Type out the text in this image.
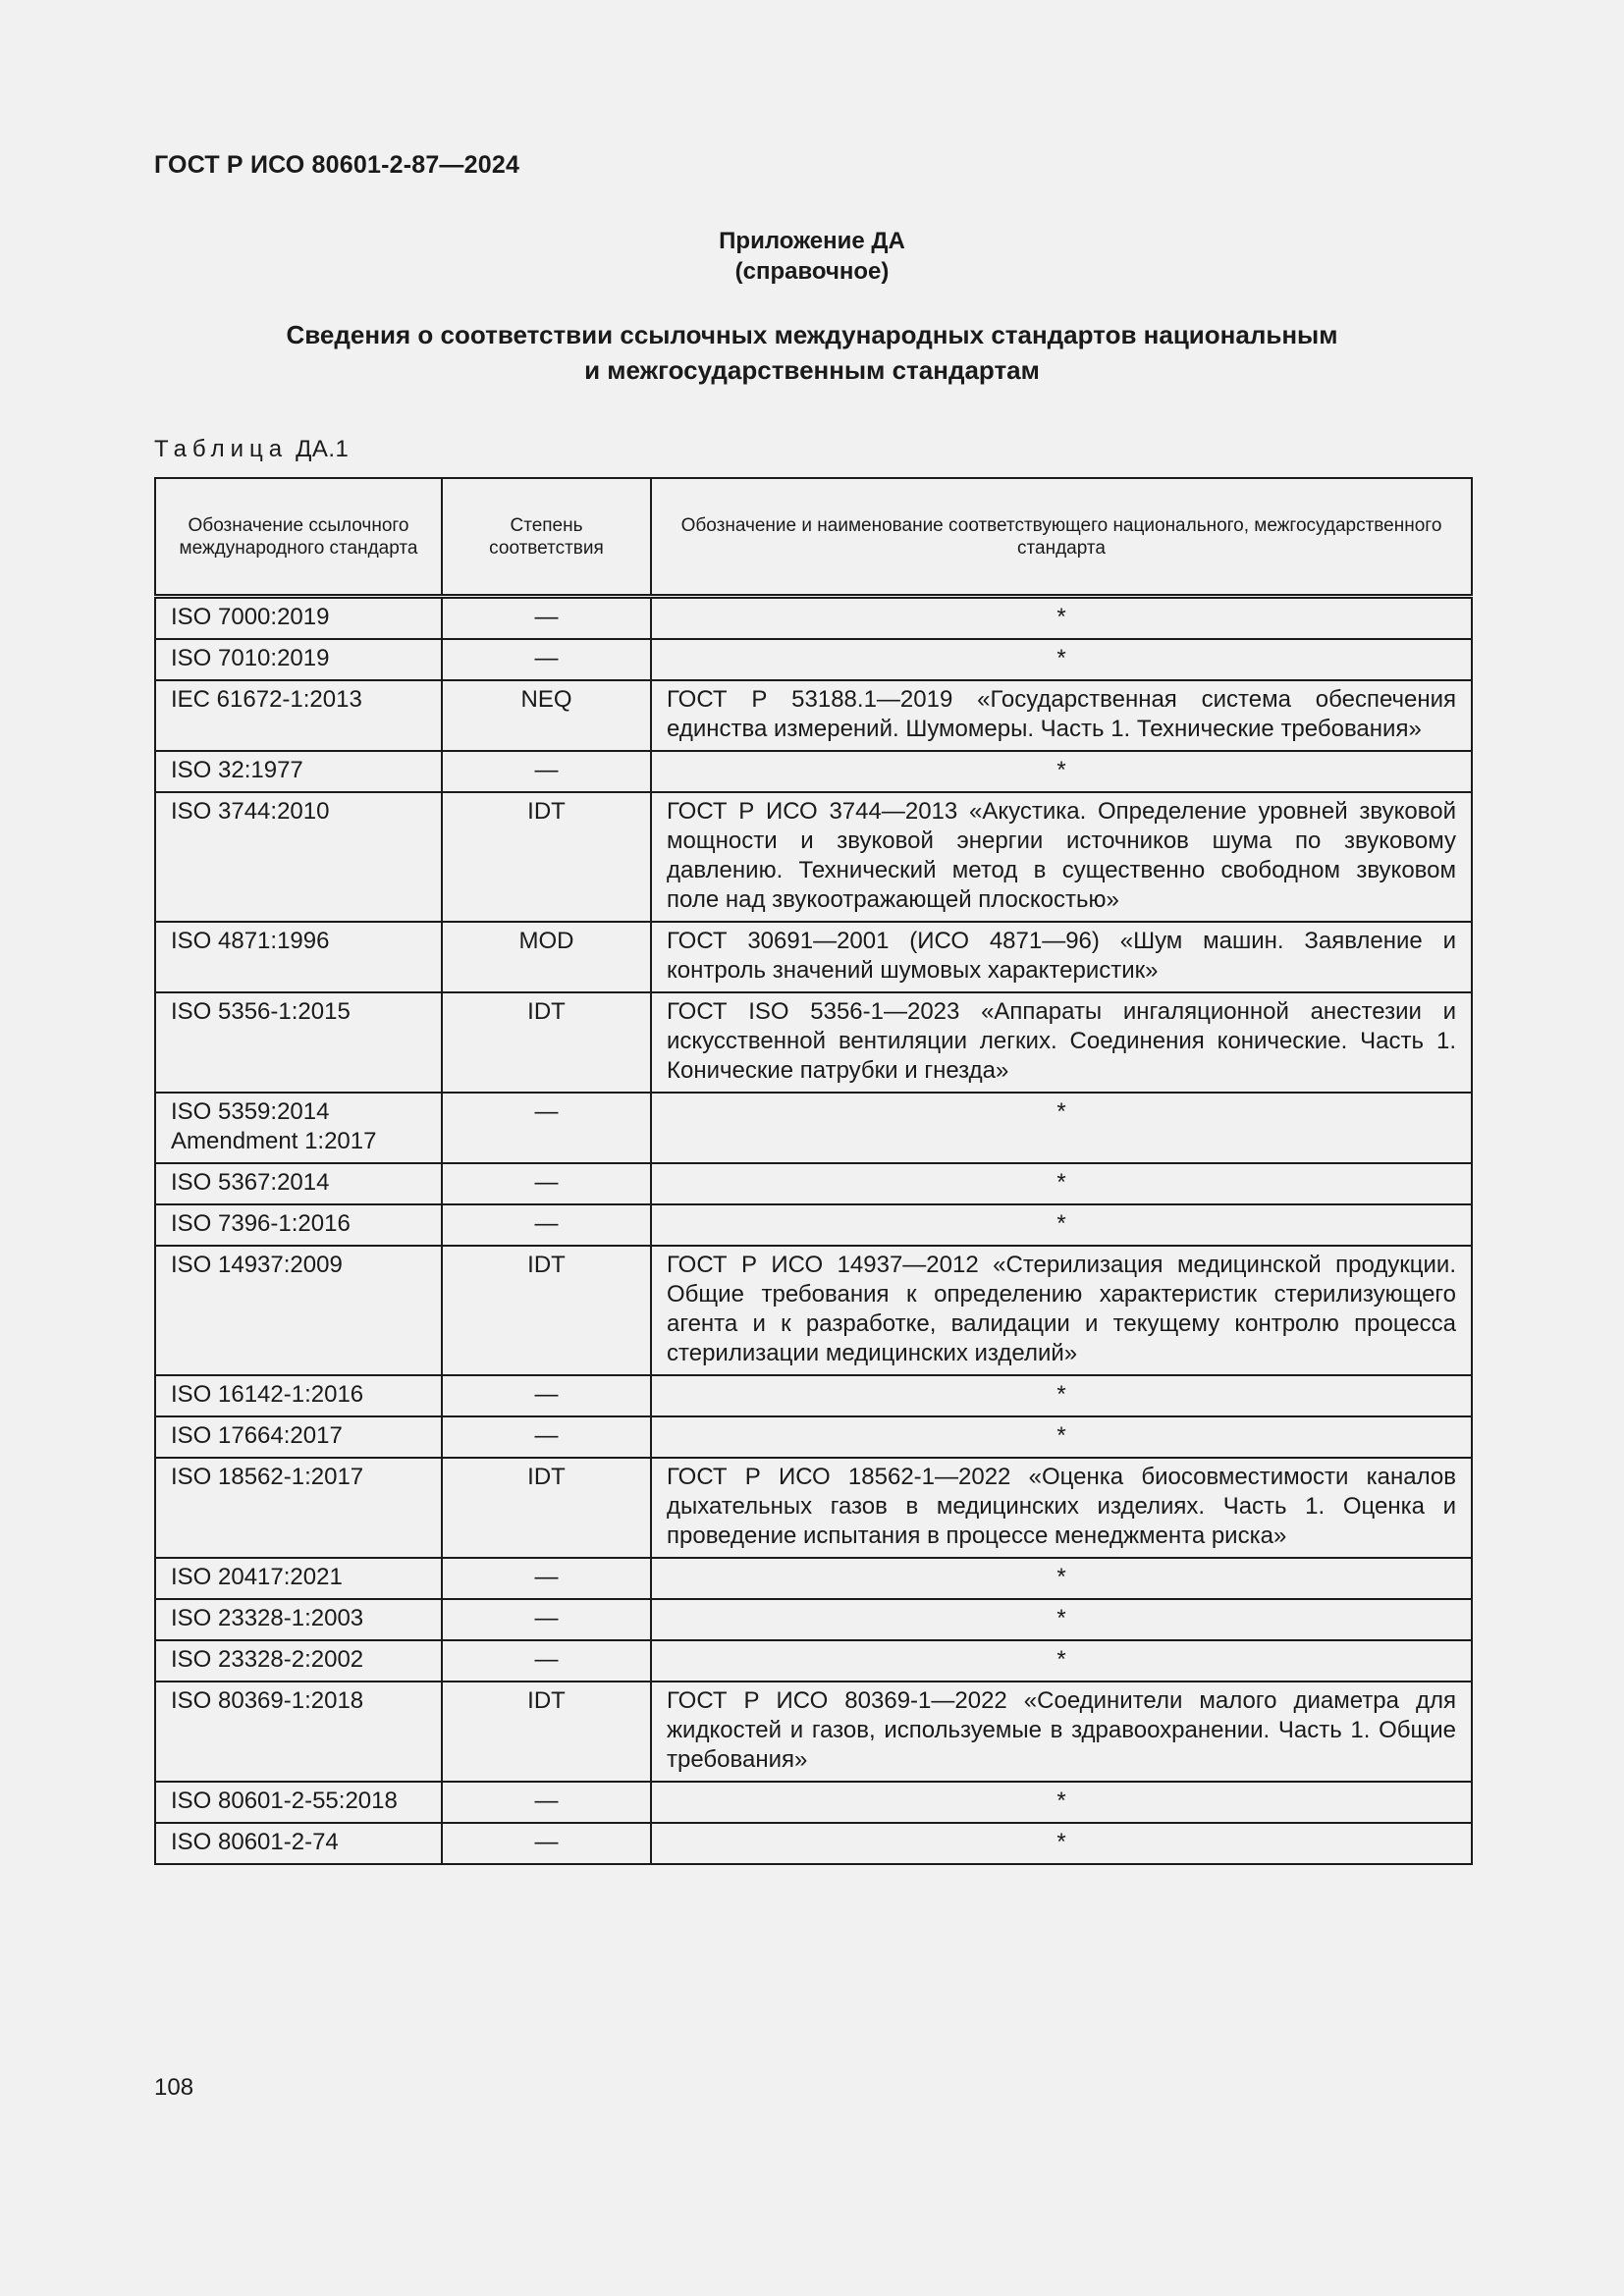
ГОСТ Р ИСО 80601-2-87—2024
Приложение ДА
(справочное)
Сведения о соответствии ссылочных международных стандартов национальным
и межгосударственным стандартам
Таблица ДА.1
Обозначение ссылочного международного стандарта	Степень соответствия	Обозначение и наименование соответствующего национального, межгосударственного стандарта
ISO 7000:2019	—	*
ISO 7010:2019	—	*
IEC 61672-1:2013	NEQ	ГОСТ Р 53188.1—2019 «Государственная система обеспечения единства измерений. Шумомеры. Часть 1. Технические требования»
ISO 32:1977	—	*
ISO 3744:2010	IDT	ГОСТ Р ИСО 3744—2013 «Акустика. Определение уровней звуковой мощности и звуковой энергии источников шума по звуковому давлению. Технический метод в существенно свободном звуковом поле над звукоотражающей плоскостью»
ISO 4871:1996	MOD	ГОСТ 30691—2001 (ИСО 4871—96) «Шум машин. Заявление и контроль значений шумовых характеристик»
ISO 5356-1:2015	IDT	ГОСТ ISO 5356-1—2023 «Аппараты ингаляционной анестезии и искусственной вентиляции легких. Соединения конические. Часть 1. Конические патрубки и гнезда»
ISO 5359:2014 Amendment 1:2017	—	*
ISO 5367:2014	—	*
ISO 7396-1:2016	—	*
ISO 14937:2009	IDT	ГОСТ Р ИСО 14937—2012 «Стерилизация медицинской продукции. Общие требования к определению характеристик стерилизующего агента и к разработке, валидации и текущему контролю процесса стерилизации медицинских изделий»
ISO 16142-1:2016	—	*
ISO 17664:2017	—	*
ISO 18562-1:2017	IDT	ГОСТ Р ИСО 18562-1—2022 «Оценка биосовместимости каналов дыхательных газов в медицинских изделиях. Часть 1. Оценка и проведение испытания в процессе менеджмента риска»
ISO 20417:2021	—	*
ISO 23328-1:2003	—	*
ISO 23328-2:2002	—	*
ISO 80369-1:2018	IDT	ГОСТ Р ИСО 80369-1—2022 «Соединители малого диаметра для жидкостей и газов, используемые в здравоохранении. Часть 1. Общие требования»
ISO 80601-2-55:2018	—	*
ISO 80601-2-74	—	*
108
